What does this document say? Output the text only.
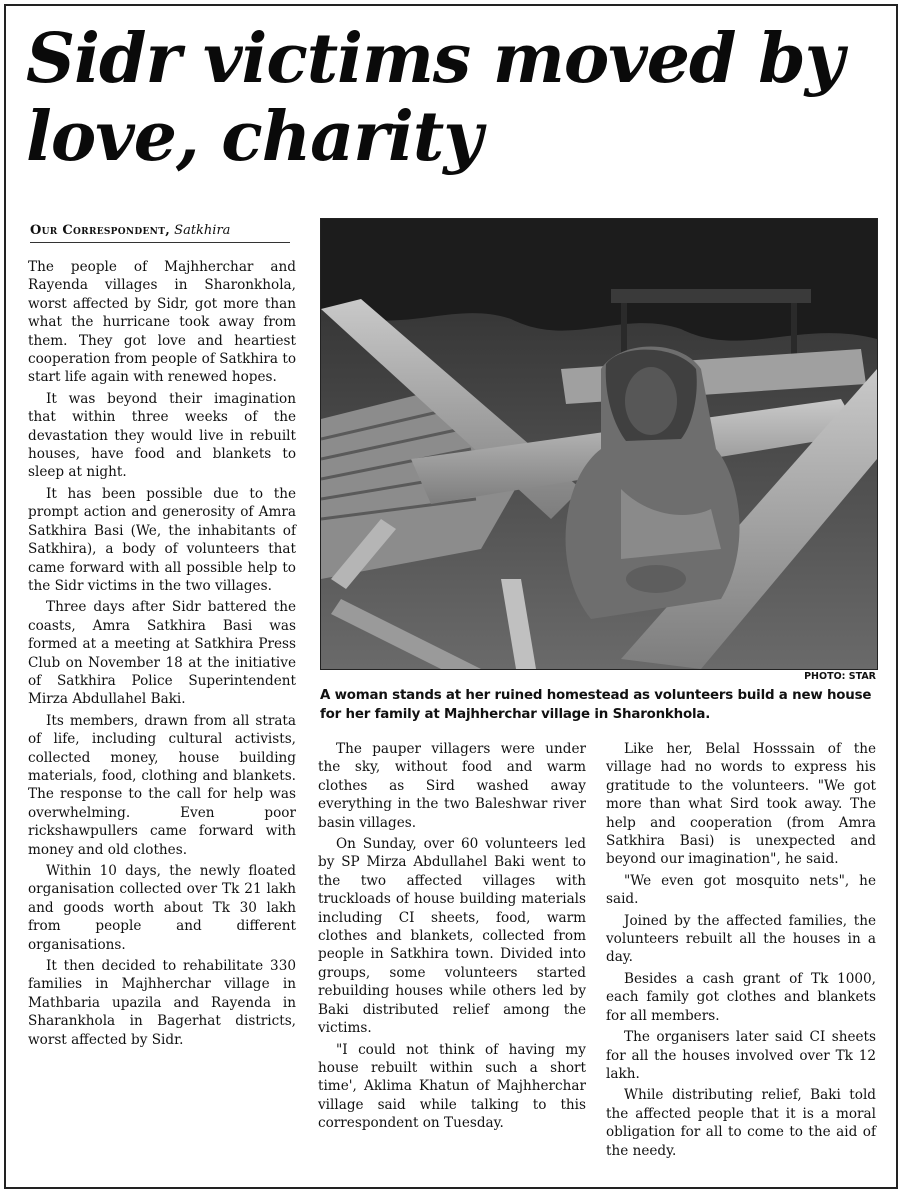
Sidr victims moved by
love, charity
Our Correspondent, Satkhira

The people of Majhherchar and Rayenda villages in Sharonkhola, worst affected by Sidr, got more than what the hurricane took away from them. They got love and heartiest cooperation from people of Satkhira to start life again with renewed hopes.

It was beyond their imagination that within three weeks of the devastation they would live in rebuilt houses, have food and blankets to sleep at night.

It has been possible due to the prompt action and generosity of Amra Satkhira Basi (We, the inhabitants of Satkhira), a body of volunteers that came forward with all possible help to the Sidr victims in the two villages.

Three days after Sidr battered the coasts, Amra Satkhira Basi was formed at a meeting at Satkhira Press Club on November 18 at the initiative of Satkhira Police Superintendent Mirza Abdullahel Baki.

Its members, drawn from all strata of life, including cultural activists, collected money, house building materials, food, clothing and blankets. The response to the call for help was overwhelming. Even poor rickshawpullers came forward with money and old clothes.

Within 10 days, the newly floated organisation collected over Tk 21 lakh and goods worth about Tk 30 lakh from people and different organisations.

It then decided to rehabilitate 330 families in Majhherchar village in Mathbaria upazila and Rayenda in Sharankhola in Bagerhat districts, worst affected by Sidr.

PHOTO: STAR
A woman stands at her ruined homestead as volunteers build a new house for her family at Majhherchar village in Sharonkhola.

The pauper villagers were under the sky, without food and warm clothes as Sird washed away everything in the two Baleshwar river basin villages.

On Sunday, over 60 volunteers led by SP Mirza Abdullahel Baki went to the two affected villages with truckloads of house building materials including CI sheets, food, warm clothes and blankets, collected from people in Satkhira town. Divided into groups, some volunteers started rebuilding houses while others led by Baki distributed relief among the victims.

"I could not think of having my house rebuilt within such a short time', Aklima Khatun of Majhherchar village said while talking to this correspondent on Tuesday.

Like her, Belal Hosssain of the village had no words to express his gratitude to the volunteers. "We got more than what Sird took away. The help and cooperation (from Amra Satkhira Basi) is unexpected and beyond our imagination", he said.

"We even got mosquito nets", he said.

Joined by the affected families, the volunteers rebuilt all the houses in a day.

Besides a cash grant of Tk 1000, each family got clothes and blankets for all members.

The organisers later said CI sheets for all the houses involved over Tk 12 lakh.

While distributing relief, Baki told the affected people that it is a moral obligation for all to come to the aid of the needy.
